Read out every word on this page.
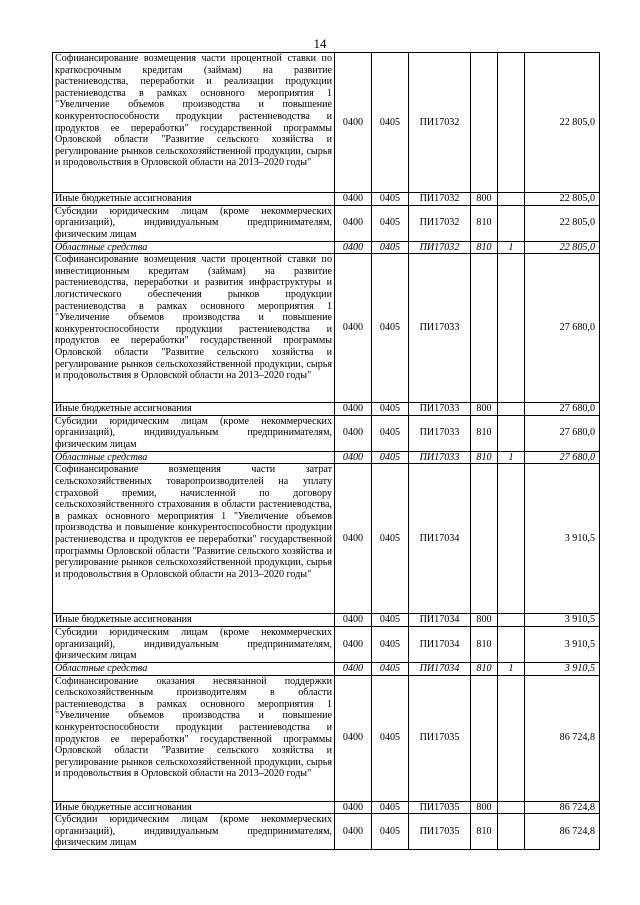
14
Софинансирование возмещения части процентной ставки по краткосрочным кредитам (займам) на развитие растениеводства, переработки и реализации продукции растениеводства в рамках основного мероприятия 1 "Увеличение объемов производства и повышение конкурентоспособности продукции растениеводства и продуктов ее переработки" государственной программы Орловской области "Развитие сельского хозяйства и регулирование рынков сельскохозяйственной продукции, сырья и продовольствия в Орловской области на 2013–2020 годы"	0400	0405	ПИ17032			22 805,0
Иные бюджетные ассигнования	0400	0405	ПИ17032	800		22 805,0
Субсидии юридическим лицам (кроме некоммерческих организаций), индивидуальным предпринимателям, физическим лицам	0400	0405	ПИ17032	810		22 805,0
Областные средства	0400	0405	ПИ17032	810	1	22 805,0
Софинансирование возмещения части процентной ставки по инвестиционным кредитам (займам) на развитие растениеводства, переработки и развития инфраструктуры и логистического обеспечения рынков продукции растениеводства в рамках основного мероприятия 1 "Увеличение объемов производства и повышение конкурентоспособности продукции растениеводства и продуктов ее переработки" государственной программы Орловской области "Развитие сельского хозяйства и регулирование рынков сельскохозяйственной продукции, сырья и продовольствия в Орловской области на 2013–2020 годы"	0400	0405	ПИ17033			27 680,0
Иные бюджетные ассигнования	0400	0405	ПИ17033	800		27 680,0
Субсидии юридическим лицам (кроме некоммерческих организаций), индивидуальным предпринимателям, физическим лицам	0400	0405	ПИ17033	810		27 680,0
Областные средства	0400	0405	ПИ17033	810	1	27 680,0
Софинансирование возмещения части затрат сельскохозяйственных товаропроизводителей на уплату страховой премии, начисленной по договору сельскохозяйственного страхования в области растениеводства, в рамках основного мероприятия 1 "Увеличение объемов производства и повышение конкурентоспособности продукции растениеводства и продуктов ее переработки" государственной программы Орловской области "Развитие сельского хозяйства и регулирование рынков сельскохозяйственной продукции, сырья и продовольствия в Орловской области на 2013–2020 годы"	0400	0405	ПИ17034			3 910,5
Иные бюджетные ассигнования	0400	0405	ПИ17034	800		3 910,5
Субсидии юридическим лицам (кроме некоммерческих организаций), индивидуальным предпринимателям, физическим лицам	0400	0405	ПИ17034	810		3 910,5
Областные средства	0400	0405	ПИ17034	810	1	3 910,5
Софинансирование оказания несвязанной поддержки сельскохозяйственным производителям в области растениеводства в рамках основного мероприятия 1 "Увеличение объемов производства и повышение конкурентоспособности продукции растениеводства и продуктов ее переработки" государственной программы Орловской области "Развитие сельского хозяйства и регулирование рынков сельскохозяйственной продукции, сырья и продовольствия в Орловской области на 2013–2020 годы"	0400	0405	ПИ17035			86 724,8
Иные бюджетные ассигнования	0400	0405	ПИ17035	800		86 724,8
Субсидии юридическим лицам (кроме некоммерческих организаций), индивидуальным предпринимателям, физическим лицам	0400	0405	ПИ17035	810		86 724,8
